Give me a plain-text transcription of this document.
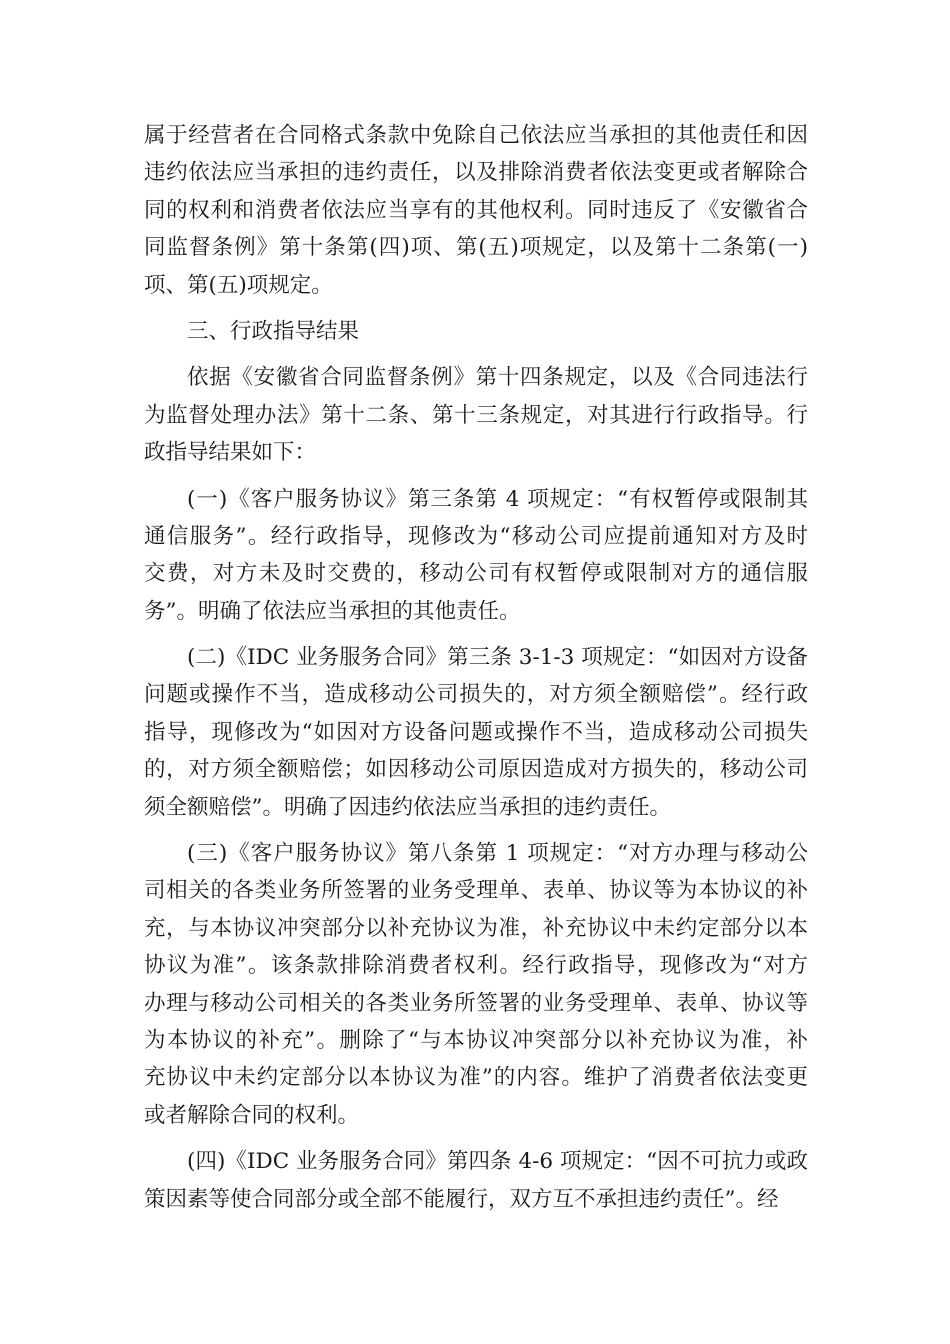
属于经营者在合同格式条款中免除自己依法应当承担的其他责任和因
违约依法应当承担的违约责任，以及排除消费者依法变更或者解除合
同的权利和消费者依法应当享有的其他权利。同时违反了《安徽省合
同监督条例》第十条第(四)项、第(五)项规定，以及第十二条第(一)
项、第(五)项规定。
三、行政指导结果
依据《安徽省合同监督条例》第十四条规定，以及《合同违法行
为监督处理办法》第十二条、第十三条规定，对其进行行政指导。行
政指导结果如下：
(一)《客户服务协议》第三条第 4 项规定：“有权暂停或限制其
通信服务”。经行政指导，现修改为“移动公司应提前通知对方及时
交费，对方未及时交费的，移动公司有权暂停或限制对方的通信服
务”。明确了依法应当承担的其他责任。
(二)《IDC 业务服务合同》第三条 3-1-3 项规定：“如因对方设备
问题或操作不当，造成移动公司损失的，对方须全额赔偿”。经行政
指导，现修改为“如因对方设备问题或操作不当，造成移动公司损失
的，对方须全额赔偿；如因移动公司原因造成对方损失的，移动公司
须全额赔偿”。明确了因违约依法应当承担的违约责任。
(三)《客户服务协议》第八条第 1 项规定：“对方办理与移动公
司相关的各类业务所签署的业务受理单、表单、协议等为本协议的补
充，与本协议冲突部分以补充协议为准，补充协议中未约定部分以本
协议为准”。该条款排除消费者权利。经行政指导，现修改为“对方
办理与移动公司相关的各类业务所签署的业务受理单、表单、协议等
为本协议的补充”。删除了“与本协议冲突部分以补充协议为准，补
充协议中未约定部分以本协议为准”的内容。维护了消费者依法变更
或者解除合同的权利。
(四)《IDC 业务服务合同》第四条 4-6 项规定：“因不可抗力或政
策因素等使合同部分或全部不能履行，双方互不承担违约责任”。经
